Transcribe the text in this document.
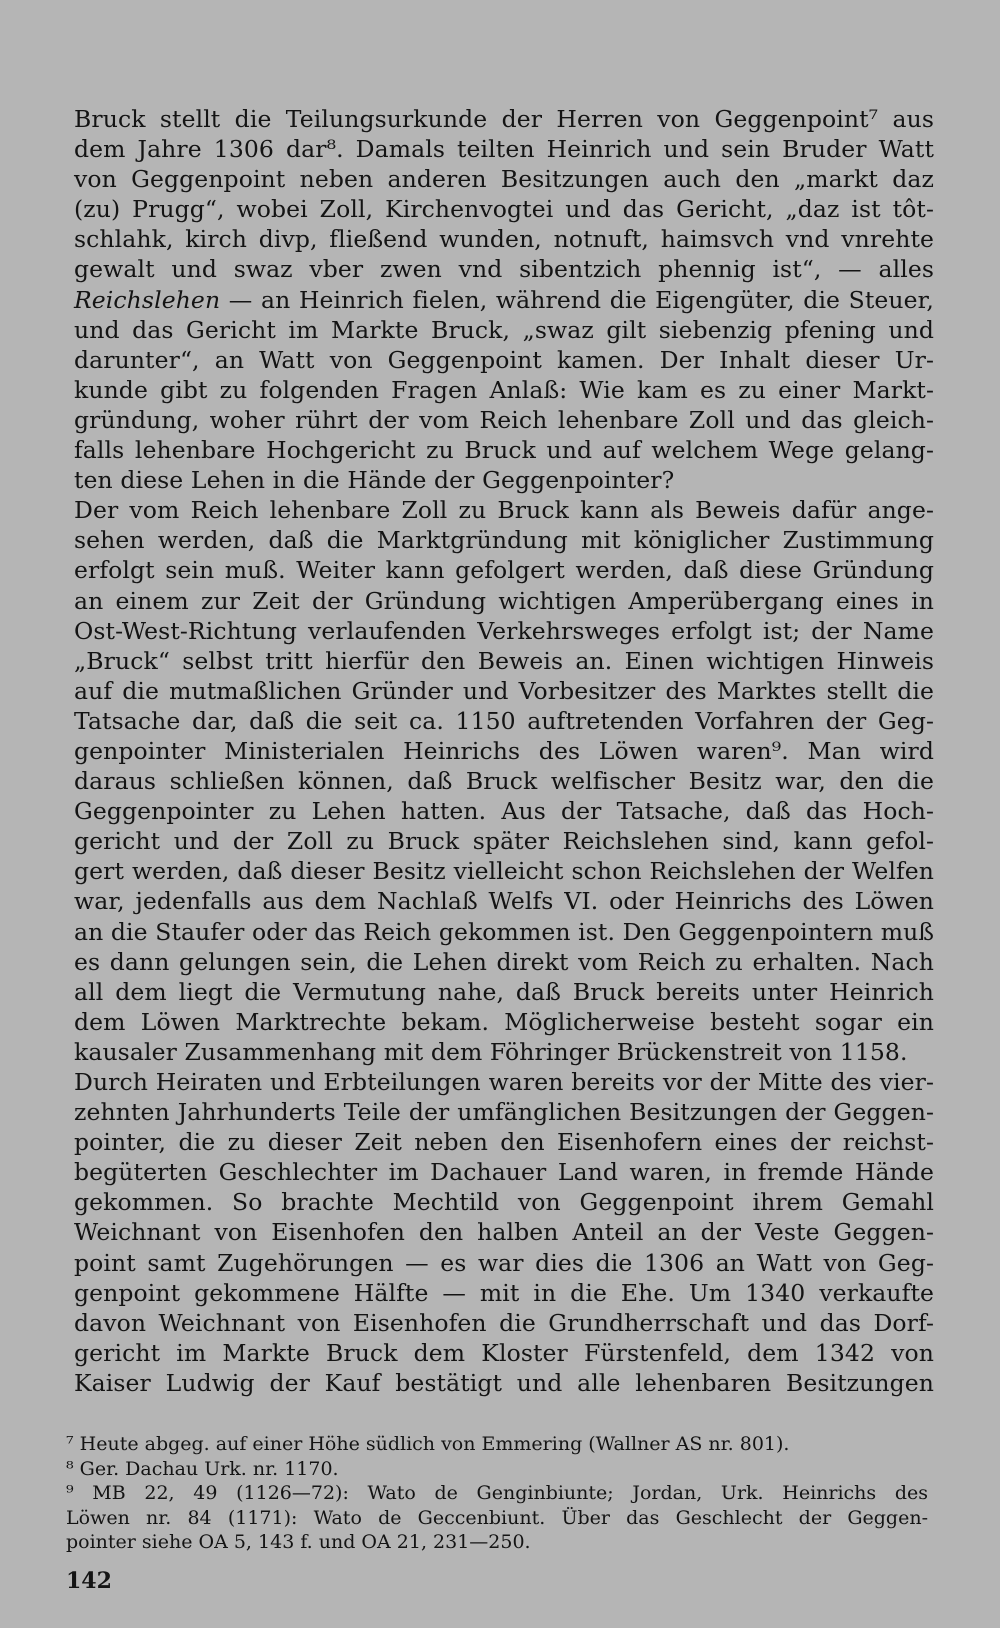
Bruck stellt die Teilungsurkunde der Herren von Geggenpoint⁷ aus
dem Jahre 1306 dar⁸. Damals teilten Heinrich und sein Bruder Watt
von Geggenpoint neben anderen Besitzungen auch den „markt daz
(zu) Prugg“, wobei Zoll, Kirchenvogtei und das Gericht, „daz ist tôt-
schlahk, kirch divp, fließend wunden, notnuft, haimsvch vnd vnrehte
gewalt und swaz vber zwen vnd sibentzich phennig ist“, — alles
Reichslehen — an Heinrich fielen, während die Eigengüter, die Steuer,
und das Gericht im Markte Bruck, „swaz gilt siebenzig pfening und
darunter“, an Watt von Geggenpoint kamen. Der Inhalt dieser Ur-
kunde gibt zu folgenden Fragen Anlaß: Wie kam es zu einer Markt-
gründung, woher rührt der vom Reich lehenbare Zoll und das gleich-
falls lehenbare Hochgericht zu Bruck und auf welchem Wege gelang-
ten diese Lehen in die Hände der Geggenpointer?
Der vom Reich lehenbare Zoll zu Bruck kann als Beweis dafür ange-
sehen werden, daß die Marktgründung mit königlicher Zustimmung
erfolgt sein muß. Weiter kann gefolgert werden, daß diese Gründung
an einem zur Zeit der Gründung wichtigen Amperübergang eines in
Ost-West-Richtung verlaufenden Verkehrsweges erfolgt ist; der Name
„Bruck“ selbst tritt hierfür den Beweis an. Einen wichtigen Hinweis
auf die mutmaßlichen Gründer und Vorbesitzer des Marktes stellt die
Tatsache dar, daß die seit ca. 1150 auftretenden Vorfahren der Geg-
genpointer Ministerialen Heinrichs des Löwen waren⁹. Man wird
daraus schließen können, daß Bruck welfischer Besitz war, den die
Geggenpointer zu Lehen hatten. Aus der Tatsache, daß das Hoch-
gericht und der Zoll zu Bruck später Reichslehen sind, kann gefol-
gert werden, daß dieser Besitz vielleicht schon Reichslehen der Welfen
war, jedenfalls aus dem Nachlaß Welfs VI. oder Heinrichs des Löwen
an die Staufer oder das Reich gekommen ist. Den Geggenpointern muß
es dann gelungen sein, die Lehen direkt vom Reich zu erhalten. Nach
all dem liegt die Vermutung nahe, daß Bruck bereits unter Heinrich
dem Löwen Marktrechte bekam. Möglicherweise besteht sogar ein
kausaler Zusammenhang mit dem Föhringer Brückenstreit von 1158.
Durch Heiraten und Erbteilungen waren bereits vor der Mitte des vier-
zehnten Jahrhunderts Teile der umfänglichen Besitzungen der Geggen-
pointer, die zu dieser Zeit neben den Eisenhofern eines der reichst-
begüterten Geschlechter im Dachauer Land waren, in fremde Hände
gekommen. So brachte Mechtild von Geggenpoint ihrem Gemahl
Weichnant von Eisenhofen den halben Anteil an der Veste Geggen-
point samt Zugehörungen — es war dies die 1306 an Watt von Geg-
genpoint gekommene Hälfte — mit in die Ehe. Um 1340 verkaufte
davon Weichnant von Eisenhofen die Grundherrschaft und das Dorf-
gericht im Markte Bruck dem Kloster Fürstenfeld, dem 1342 von
Kaiser Ludwig der Kauf bestätigt und alle lehenbaren Besitzungen
⁷ Heute abgeg. auf einer Höhe südlich von Emmering (Wallner AS nr. 801).
⁸ Ger. Dachau Urk. nr. 1170.
⁹ MB 22, 49 (1126—72): Wato de Genginbiunte; Jordan, Urk. Heinrichs des
Löwen nr. 84 (1171): Wato de Geccenbiunt. Über das Geschlecht der Geggen-
pointer siehe OA 5, 143 f. und OA 21, 231—250.
142
